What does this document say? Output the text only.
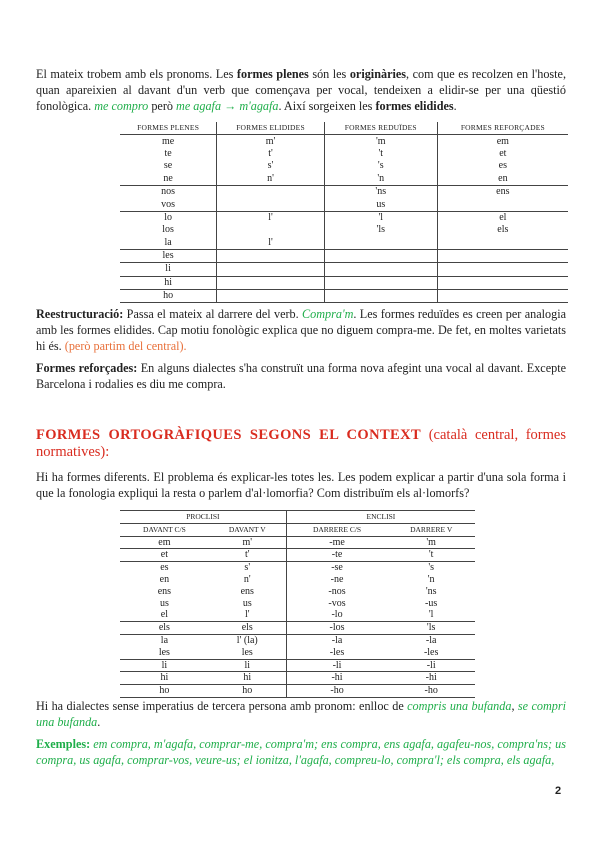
El mateix trobem amb els pronoms. Les formes plenes són les originàries, com que es recolzen en l'hoste, quan apareixien al davant d'un verb que començava per vocal, tendeixen a elidir-se per una qüestió fonològica. me compro però me agafa → m'agafa. Així sorgeixen les formes elidides.

FORMES PLENES	FORMES ELIDIDES	FORMES REDUÏDES	FORMES REFORÇADES
me	m'	'm	em
te	t'	't	et
se	s'	's	es
ne	n'	'n	en
nos		'ns	ens
vos		us	
lo	l'	'l	el
los		'ls	els
la	l'		
les			
li			
hi			
ho			

Reestructuració: Passa el mateix al darrere del verb. Compra'm. Les formes reduïdes es creen per analogia amb les formes elidides. Cap motiu fonològic explica que no diguem compra-me. De fet, en moltes varietats hi és. (però partim del central).

Formes reforçades: En alguns dialectes s'ha construït una forma nova afegint una vocal al davant. Excepte Barcelona i rodalies es diu me compra.

FORMES ORTOGRÀFIQUES SEGONS EL CONTEXT (català central, formes normatives):

Hi ha formes diferents. El problema és explicar-les totes les. Les podem explicar a partir d'una sola forma i que la fonologia expliqui la resta o parlem d'al·lomorfia? Com distribuïm els al·lomorfs?

PROCLISI		ENCLISI	
DAVANT C/S	DAVANT V	DARRERE C/S	DARRERE V
em	m'	-me	'm
et	t'	-te	't
es	s'	-se	's
en	n'	-ne	'n
ens	ens	-nos	'ns
us	us	-vos	-us
el	l'	-lo	'l
els	els	-los	'ls
la	l' (la)	-la	-la
les	les	-les	-les
li	li	-li	-li
hi	hi	-hi	-hi
ho	ho	-ho	-ho

Hi ha dialectes sense imperatius de tercera persona amb pronom: enlloc de compris una bufanda, se compri una bufanda.

Exemples: em compra, m'agafa, comprar-me, compra'm; ens compra, ens agafa, agafeu-nos, compra'ns; us compra, us agafa, comprar-vos, veure-us; el ionitza, l'agafa, compreu-lo, compra'l; els compra, els agafa,

2
